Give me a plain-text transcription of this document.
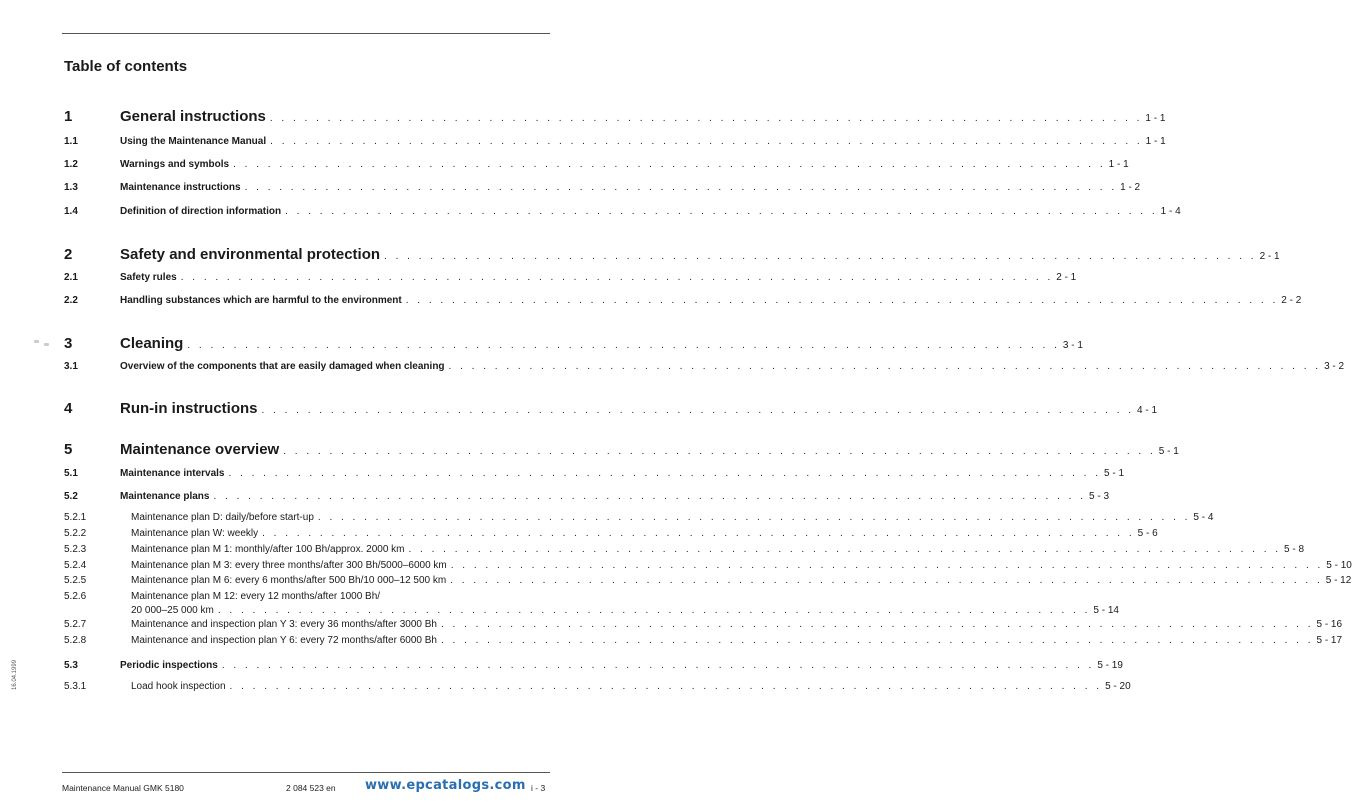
Table of contents
1	General instructions . . . . . . . . . . . . . . . . . . . . . . . . . . . . . . . . . . . . . . . . . . . . . . . . . . . . . . . . . . . . . . . . . . . . . . . . . . . . 1 - 1
1.1	Using the Maintenance Manual . . . . . . . . . . . . . . . . . . . . . . . . . . . . . . . . . . . . . . . . . . . . . . . . . . . . . . . . . . . . . . . . . . . . . . . . . . . . 1 - 1
1.2	Warnings and symbols . . . . . . . . . . . . . . . . . . . . . . . . . . . . . . . . . . . . . . . . . . . . . . . . . . . . . . . . . . . . . . . . . . . . . . . . . . . . 1 - 1
1.3	Maintenance instructions . . . . . . . . . . . . . . . . . . . . . . . . . . . . . . . . . . . . . . . . . . . . . . . . . . . . . . . . . . . . . . . . . . . . . . . . . . . . 1 - 2
1.4	Definition of direction information . . . . . . . . . . . . . . . . . . . . . . . . . . . . . . . . . . . . . . . . . . . . . . . . . . . . . . . . . . . . . . . . . . . . . . . . . . . . 1 - 4
2	Safety and environmental protection . . . . . . . . . . . . . . . . . . . . . . . . . . . . . . . . . . . . . . . . . . . . . . . . . . . . . . . . . . . . . . . . . . . . . . . . . . . . 2 - 1
2.1	Safety rules . . . . . . . . . . . . . . . . . . . . . . . . . . . . . . . . . . . . . . . . . . . . . . . . . . . . . . . . . . . . . . . . . . . . . . . . . . . . 2 - 1
2.2	Handling substances which are harmful to the environment . . . . . . . . . . . . . . . . . . . . . . . . . . . . . . . . . . . . . . . . . . . . . . . . . . . . . . . . . . . . . . . . . . . . . . . . . . . . 2 - 2
3	Cleaning . . . . . . . . . . . . . . . . . . . . . . . . . . . . . . . . . . . . . . . . . . . . . . . . . . . . . . . . . . . . . . . . . . . . . . . . . . . . 3 - 1
3.1	Overview of the components that are easily damaged when cleaning . . . . . . . . . . . . . . . . . . . . . . . . . . . . . . . . . . . . . . . . . . . . . . . . . . . . . . . . . . . . . . . . . . . . . . . . . . . . 3 - 2
4	Run-in instructions . . . . . . . . . . . . . . . . . . . . . . . . . . . . . . . . . . . . . . . . . . . . . . . . . . . . . . . . . . . . . . . . . . . . . . . . . . . . 4 - 1
5	Maintenance overview . . . . . . . . . . . . . . . . . . . . . . . . . . . . . . . . . . . . . . . . . . . . . . . . . . . . . . . . . . . . . . . . . . . . . . . . . . . . 5 - 1
5.1	Maintenance intervals . . . . . . . . . . . . . . . . . . . . . . . . . . . . . . . . . . . . . . . . . . . . . . . . . . . . . . . . . . . . . . . . . . . . . . . . . . . . 5 - 1
5.2	Maintenance plans . . . . . . . . . . . . . . . . . . . . . . . . . . . . . . . . . . . . . . . . . . . . . . . . . . . . . . . . . . . . . . . . . . . . . . . . . . . . 5 - 3
5.2.1	Maintenance plan D: daily/before start-up . . . . . . . . . . . . . . . . . . . . . . . . . . . . . . . . . . . . . . . . . . . . . . . . . . . . . . . . . . . . . . . . . . . . . . . . . . . . 5 - 4
5.2.2	Maintenance plan W: weekly . . . . . . . . . . . . . . . . . . . . . . . . . . . . . . . . . . . . . . . . . . . . . . . . . . . . . . . . . . . . . . . . . . . . . . . . . . . . 5 - 6
5.2.3	Maintenance plan M 1: monthly/after 100 Bh/approx. 2000 km . . . . . . . . . . . . . . . . . . . . . . . . . . . . . . . . . . . . . . . . . . . . . . . . . . . . . . . . . . . . . . . . . . . . . . . . . . . . 5 - 8
5.2.4	Maintenance plan M 3: every three months/after 300 Bh/5000–6000 km . . . . . . . . . . . . . . . . . . . . . . . . . . . . . . . . . . . . . . . . . . . . . . . . . . . . . . . . . . . . . . . . . . . . . . . . . . . . 5 - 10
5.2.5	Maintenance plan M 6: every 6 months/after 500 Bh/10 000–12 500 km . . . . . . . . . . . . . . . . . . . . . . . . . . . . . . . . . . . . . . . . . . . . . . . . . . . . . . . . . . . . . . . . . . . . . . . . . . . . 5 - 12
5.2.6	Maintenance plan M 12: every 12 months/after 1000 Bh/
20 000–25 000 km . . . . . . . . . . . . . . . . . . . . . . . . . . . . . . . . . . . . . . . . . . . . . . . . . . . . . . . . . . . . . . . . . . . . . . . . . . . . 5 - 14
5.2.7	Maintenance and inspection plan Y 3: every 36 months/after 3000 Bh . . . . . . . . . . . . . . . . . . . . . . . . . . . . . . . . . . . . . . . . . . . . . . . . . . . . . . . . . . . . . . . . . . . . . . . . . . . . 5 - 16
5.2.8	Maintenance and inspection plan Y 6: every 72 months/after 6000 Bh . . . . . . . . . . . . . . . . . . . . . . . . . . . . . . . . . . . . . . . . . . . . . . . . . . . . . . . . . . . . . . . . . . . . . . . . . . . . 5 - 17
5.3	Periodic inspections . . . . . . . . . . . . . . . . . . . . . . . . . . . . . . . . . . . . . . . . . . . . . . . . . . . . . . . . . . . . . . . . . . . . . . . . . . . . 5 - 19
5.3.1	Load hook inspection . . . . . . . . . . . . . . . . . . . . . . . . . . . . . . . . . . . . . . . . . . . . . . . . . . . . . . . . . . . . . . . . . . . . . . . . . . . . 5 - 20
16.04.1999
Maintenance Manual GMK 5180	2 084 523 en www.epcatalogs.com i - 3
